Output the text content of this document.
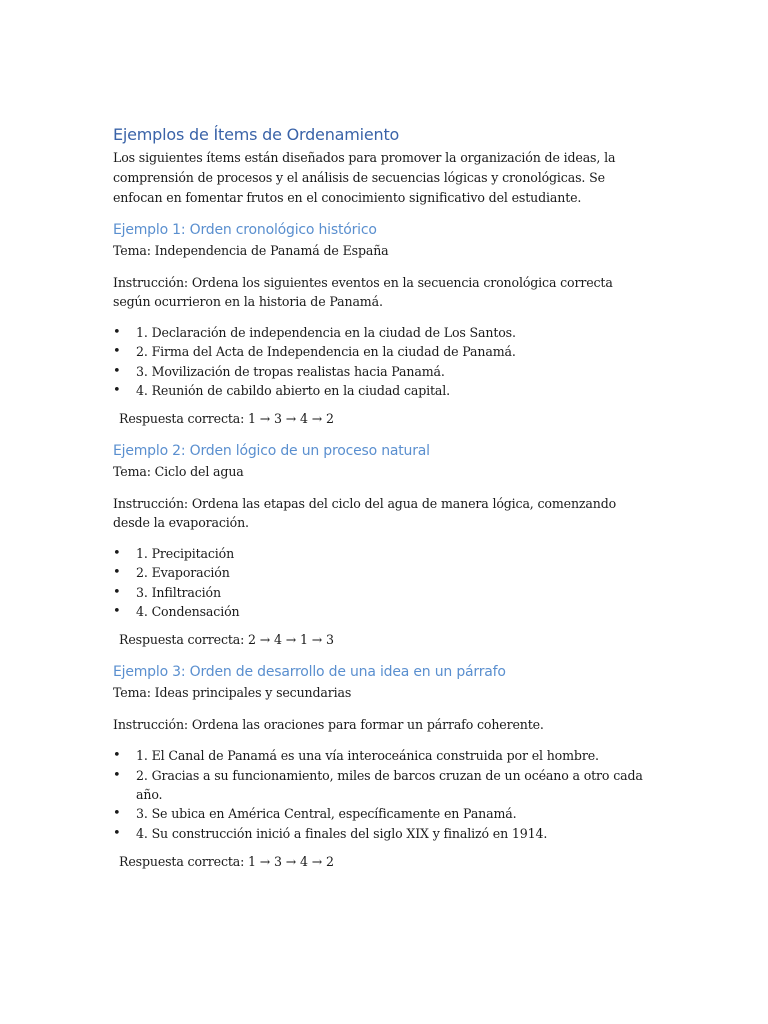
Ejemplos de Ítems de Ordenamiento

Los siguientes ítems están diseñados para promover la organización de ideas, la comprensión de procesos y el análisis de secuencias lógicas y cronológicas. Se enfocan en fomentar frutos en el conocimiento significativo del estudiante.

Ejemplo 1: Orden cronológico histórico

Tema: Independencia de Panamá de España

Instrucción: Ordena los siguientes eventos en la secuencia cronológica correcta según ocurrieron en la historia de Panamá.

• 1. Declaración de independencia en la ciudad de Los Santos.
• 2. Firma del Acta de Independencia en la ciudad de Panamá.
• 3. Movilización de tropas realistas hacia Panamá.
• 4. Reunión de cabildo abierto en la ciudad capital.

Respuesta correcta: 1 → 3 → 4 → 2

Ejemplo 2: Orden lógico de un proceso natural

Tema: Ciclo del agua

Instrucción: Ordena las etapas del ciclo del agua de manera lógica, comenzando desde la evaporación.

• 1. Precipitación
• 2. Evaporación
• 3. Infiltración
• 4. Condensación

Respuesta correcta: 2 → 4 → 1 → 3

Ejemplo 3: Orden de desarrollo de una idea en un párrafo

Tema: Ideas principales y secundarias

Instrucción: Ordena las oraciones para formar un párrafo coherente.

• 1. El Canal de Panamá es una vía interoceánica construida por el hombre.
• 2. Gracias a su funcionamiento, miles de barcos cruzan de un océano a otro cada año.
• 3. Se ubica en América Central, específicamente en Panamá.
• 4. Su construcción inició a finales del siglo XIX y finalizó en 1914.

Respuesta correcta: 1 → 3 → 4 → 2
